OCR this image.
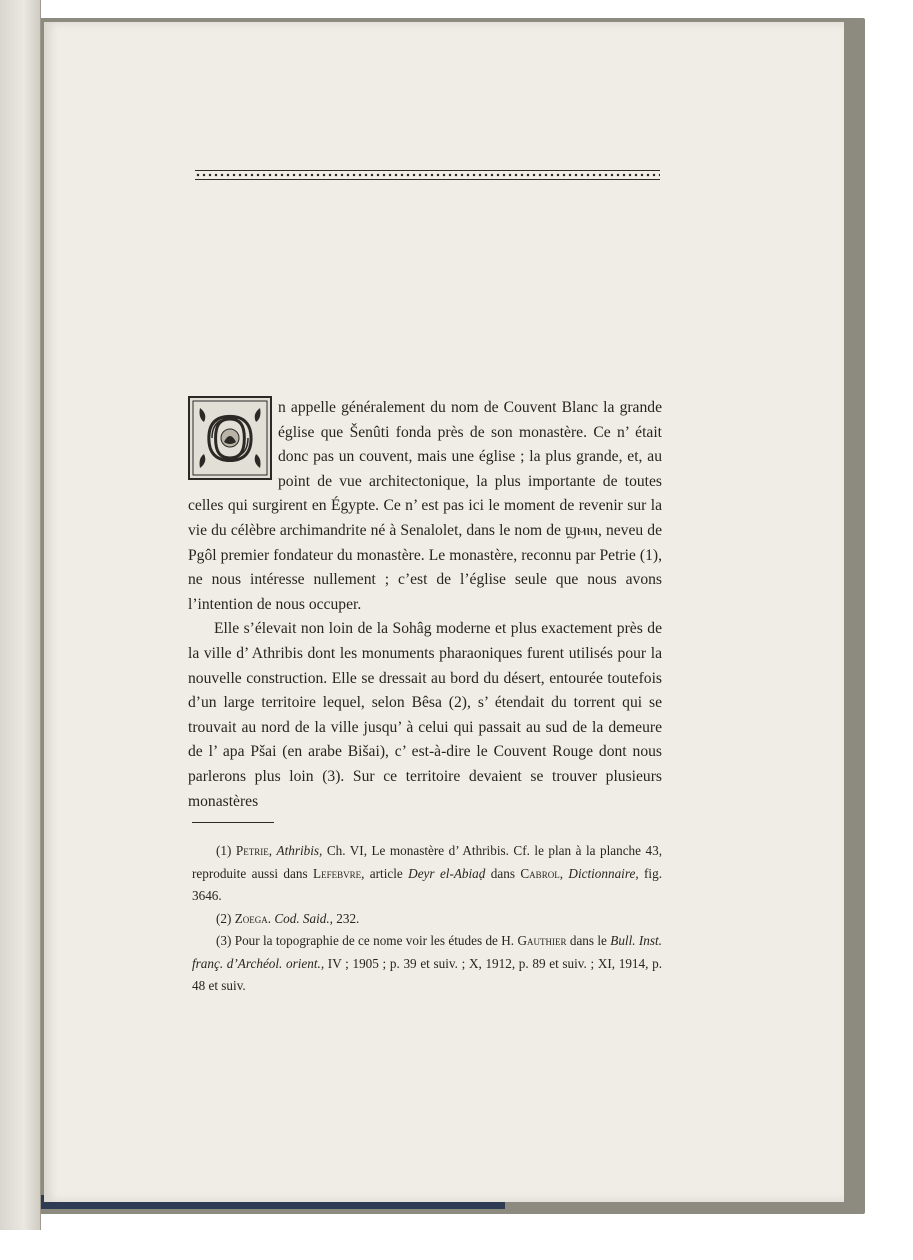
O	n appelle généralement du nom de Couvent Blanc la grande église que Šenûti fonda près de son monastère. Ce n’ était donc pas un couvent, mais une église ; la plus grande, et, au point de vue architectonique, la plus importante de toutes celles qui surgirent en Égypte. Ce n’ est pas ici le moment de revenir sur la vie du célèbre archimandrite né à Senalolet, dans le nom de ϣⲙⲓⲛ, neveu de Pgôl premier fondateur du monastère. Le monastère, reconnu par Petrie (1), ne nous intéresse nullement ; c’est de l’église seule que nous avons l’intention de nous occuper.

Elle s’élevait non loin de la Sohâg moderne et plus exactement près de la ville d’ Athribis dont les monuments pharaoniques furent utilisés pour la nouvelle construction. Elle se dressait au bord du désert, entourée toutefois d’un large territoire lequel, selon Bêsa (2), s’ étendait du torrent qui se trouvait au nord de la ville jusqu’ à celui qui passait au sud de la demeure de l’ apa Pšai (en arabe Bišai), c’ est-à-dire le Couvent Rouge dont nous parlerons plus loin (3). Sur ce territoire devaient se trouver plusieurs monastères

(1) Petrie, Athribis, Ch. VI, Le monastère d’ Athribis. Cf. le plan à la planche 43, reproduite aussi dans Lefebvre, article Deyr el-Abiaḍ dans Cabrol, Dictionnaire, fig. 3646.

(2) Zoega. Cod. Said., 232.

(3) Pour la topographie de ce nome voir les études de H. Gauthier dans le Bull. Inst. franç. d’Archéol. orient., IV ; 1905 ; p. 39 et suiv. ; X, 1912, p. 89 et suiv. ; XI, 1914, p. 48 et suiv.
